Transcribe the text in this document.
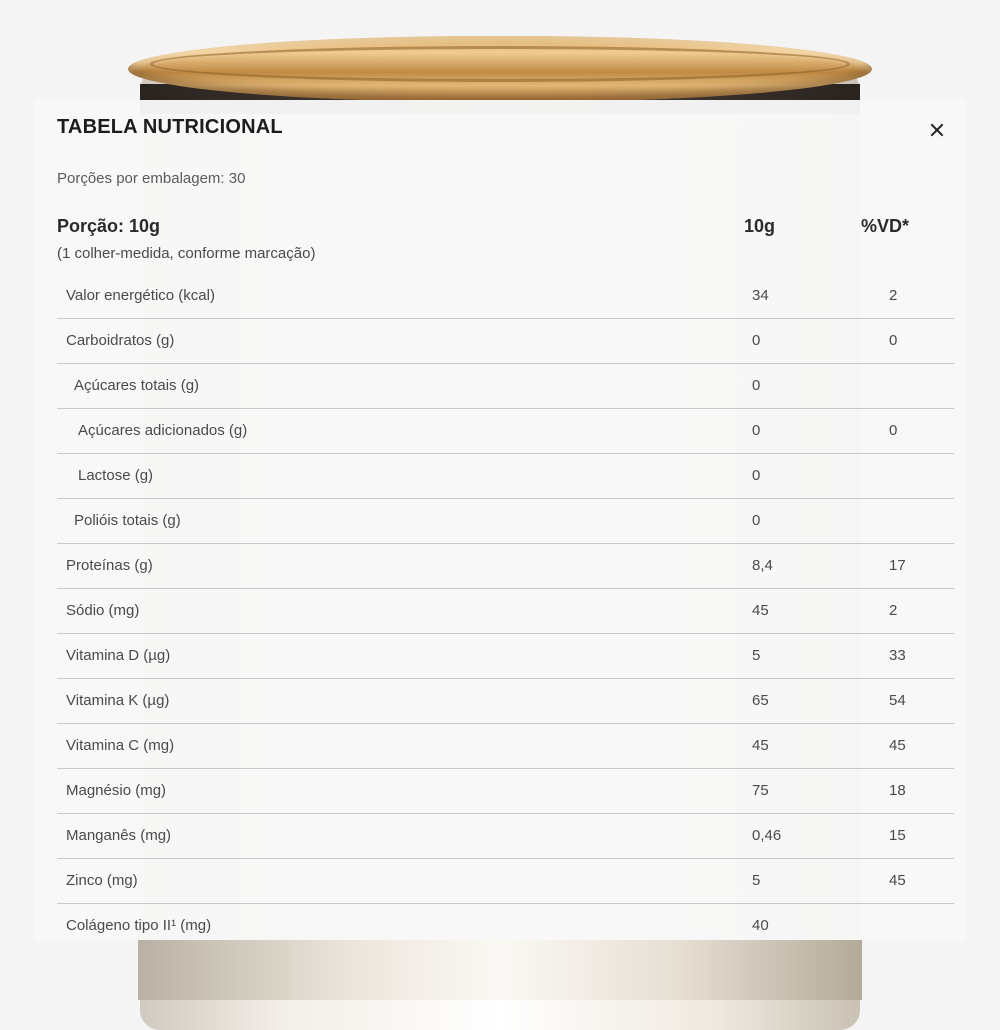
TABELA NUTRICIONAL
Porções por embalagem: 30
Porção: 10g
(1 colher-medida, conforme marcação)
10g	%VD*
Valor energético (kcal)	34	2
Carboidratos (g)	0	0
Açúcares totais (g)	0
Açúcares adicionados (g)	0	0
Lactose (g)	0
Polióis totais (g)	0
Proteínas (g)	8,4	17
Sódio (mg)	45	2
Vitamina D (µg)	5	33
Vitamina K (µg)	65	54
Vitamina C (mg)	45	45
Magnésio (mg)	75	18
Manganês (mg)	0,46	15
Zinco (mg)	5	45
Colágeno tipo II¹ (mg)	40
